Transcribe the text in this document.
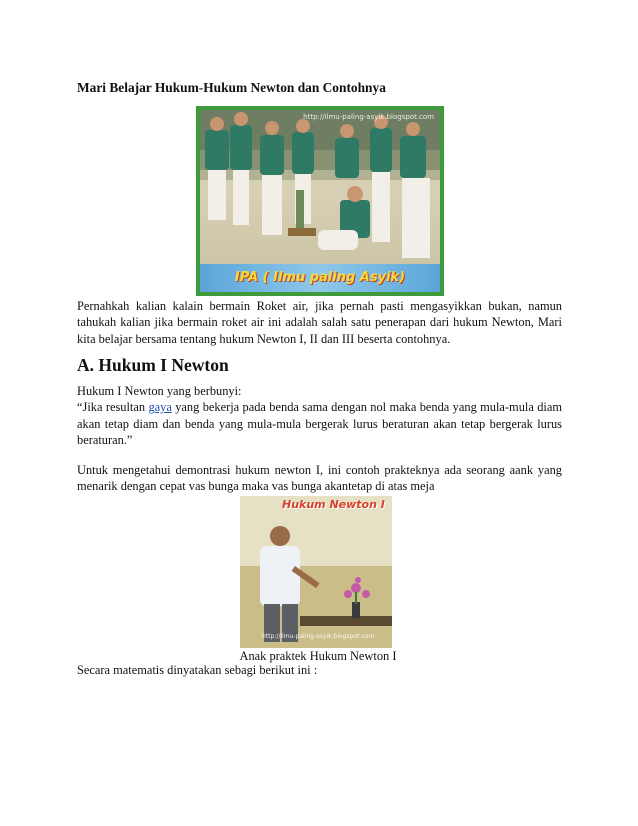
Mari Belajar Hukum-Hukum Newton dan Contohnya
http://ilmu-paling-asyik.blogspot.com
IPA ( Ilmu paling Asyik)
Pernahkah kalian kalain bermain Roket air, jika pernah pasti mengasyikkan bukan, namun tahukah kalian jika bermain roket air ini adalah salah satu penerapan dari hukum Newton, Mari kita belajar bersama tentang hukum Newton I, II dan III beserta contohnya.
A. Hukum I Newton
Hukum I Newton yang berbunyi:
“Jika resultan gaya yang bekerja pada benda sama dengan nol maka benda yang mula-mula diam akan tetap diam dan benda yang mula-mula bergerak lurus beraturan akan tetap bergerak lurus beraturan.”
Untuk mengetahui demontrasi hukum newton I, ini contoh prakteknya ada seorang aank yang menarik dengan cepat vas bunga maka vas bunga akantetap di atas meja
Hukum Newton I
http://ilmu-paling-asyik.blogspot.com
Anak praktek Hukum Newton I
Secara matematis dinyatakan sebagi berikut ini :
